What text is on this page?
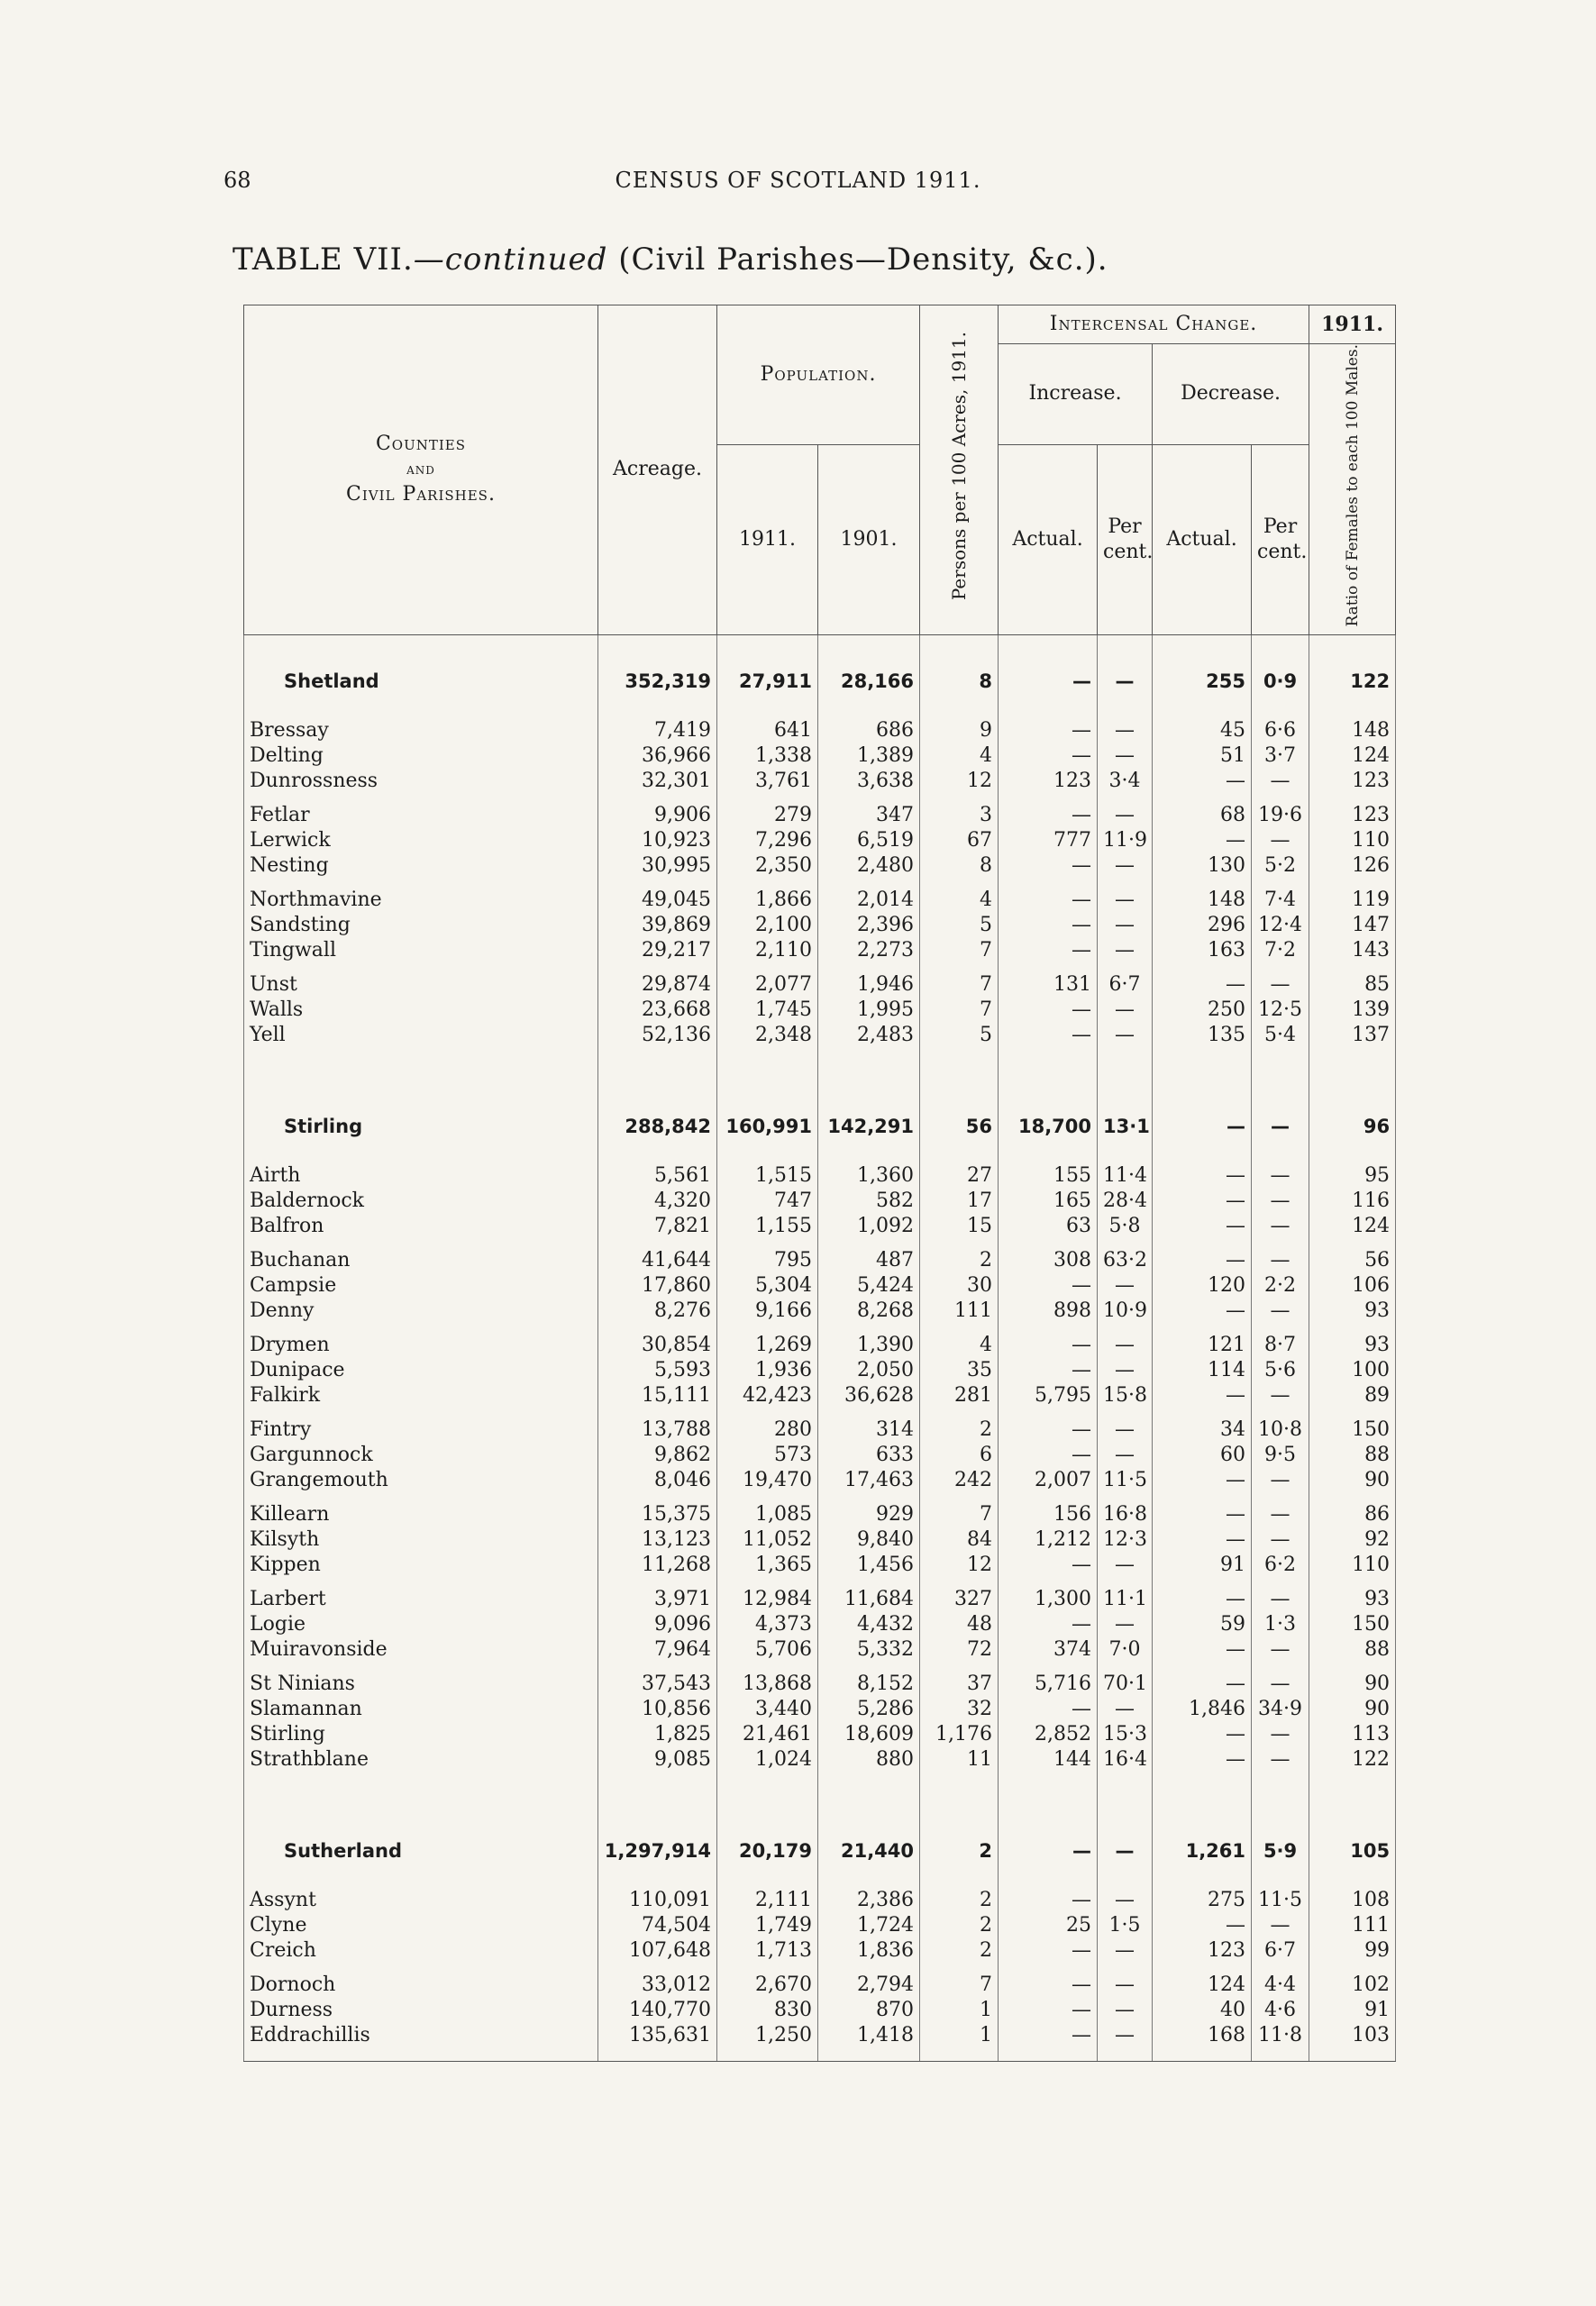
68	CENSUS OF SCOTLAND 1911.
TABLE VII.—continued (Civil Parishes—Density, &c.).
Counties
and
Civil Parishes.	Acreage.	Population.		Persons per 100 Acres, 1911.	Intercensal Change.				1911.
					Increase.		Decrease.		Ratio of Females to each 100 Males.
		1911.	1901.		Actual.	Per cent.	Actual.	Per cent.	

Shetland	352,319	27,911	28,166	8	—	—	255	0·9	122
Bressay	7,419	641	686	9	—	—	45	6·6	148
Delting	36,966	1,338	1,389	4	—	—	51	3·7	124
Dunrossness	32,301	3,761	3,638	12	123	3·4	—	—	123
Fetlar	9,906	279	347	3	—	—	68	19·6	123
Lerwick	10,923	7,296	6,519	67	777	11·9	—	—	110
Nesting	30,995	2,350	2,480	8	—	—	130	5·2	126
Northmavine	49,045	1,866	2,014	4	—	—	148	7·4	119
Sandsting	39,869	2,100	2,396	5	—	—	296	12·4	147
Tingwall	29,217	2,110	2,273	7	—	—	163	7·2	143
Unst	29,874	2,077	1,946	7	131	6·7	—	—	85
Walls	23,668	1,745	1,995	7	—	—	250	12·5	139
Yell	52,136	2,348	2,483	5	—	—	135	5·4	137

Stirling	288,842	160,991	142,291	56	18,700	13·1	—	—	96
Airth	5,561	1,515	1,360	27	155	11·4	—	—	95
Baldernock	4,320	747	582	17	165	28·4	—	—	116
Balfron	7,821	1,155	1,092	15	63	5·8	—	—	124
Buchanan	41,644	795	487	2	308	63·2	—	—	56
Campsie	17,860	5,304	5,424	30	—	—	120	2·2	106
Denny	8,276	9,166	8,268	111	898	10·9	—	—	93
Drymen	30,854	1,269	1,390	4	—	—	121	8·7	93
Dunipace	5,593	1,936	2,050	35	—	—	114	5·6	100
Falkirk	15,111	42,423	36,628	281	5,795	15·8	—	—	89
Fintry	13,788	280	314	2	—	—	34	10·8	150
Gargunnock	9,862	573	633	6	—	—	60	9·5	88
Grangemouth	8,046	19,470	17,463	242	2,007	11·5	—	—	90
Killearn	15,375	1,085	929	7	156	16·8	—	—	86
Kilsyth	13,123	11,052	9,840	84	1,212	12·3	—	—	92
Kippen	11,268	1,365	1,456	12	—	—	91	6·2	110
Larbert	3,971	12,984	11,684	327	1,300	11·1	—	—	93
Logie	9,096	4,373	4,432	48	—	—	59	1·3	150
Muiravonside	7,964	5,706	5,332	72	374	7·0	—	—	88
St Ninians	37,543	13,868	8,152	37	5,716	70·1	—	—	90
Slamannan	10,856	3,440	5,286	32	—	—	1,846	34·9	90
Stirling	1,825	21,461	18,609	1,176	2,852	15·3	—	—	113
Strathblane	9,085	1,024	880	11	144	16·4	—	—	122

Sutherland	1,297,914	20,179	21,440	2	—	—	1,261	5·9	105
Assynt	110,091	2,111	2,386	2	—	—	275	11·5	108
Clyne	74,504	1,749	1,724	2	25	1·5	—	—	111
Creich	107,648	1,713	1,836	2	—	—	123	6·7	99
Dornoch	33,012	2,670	2,794	7	—	—	124	4·4	102
Durness	140,770	830	870	1	—	—	40	4·6	91
Eddrachillis	135,631	1,250	1,418	1	—	—	168	11·8	103
